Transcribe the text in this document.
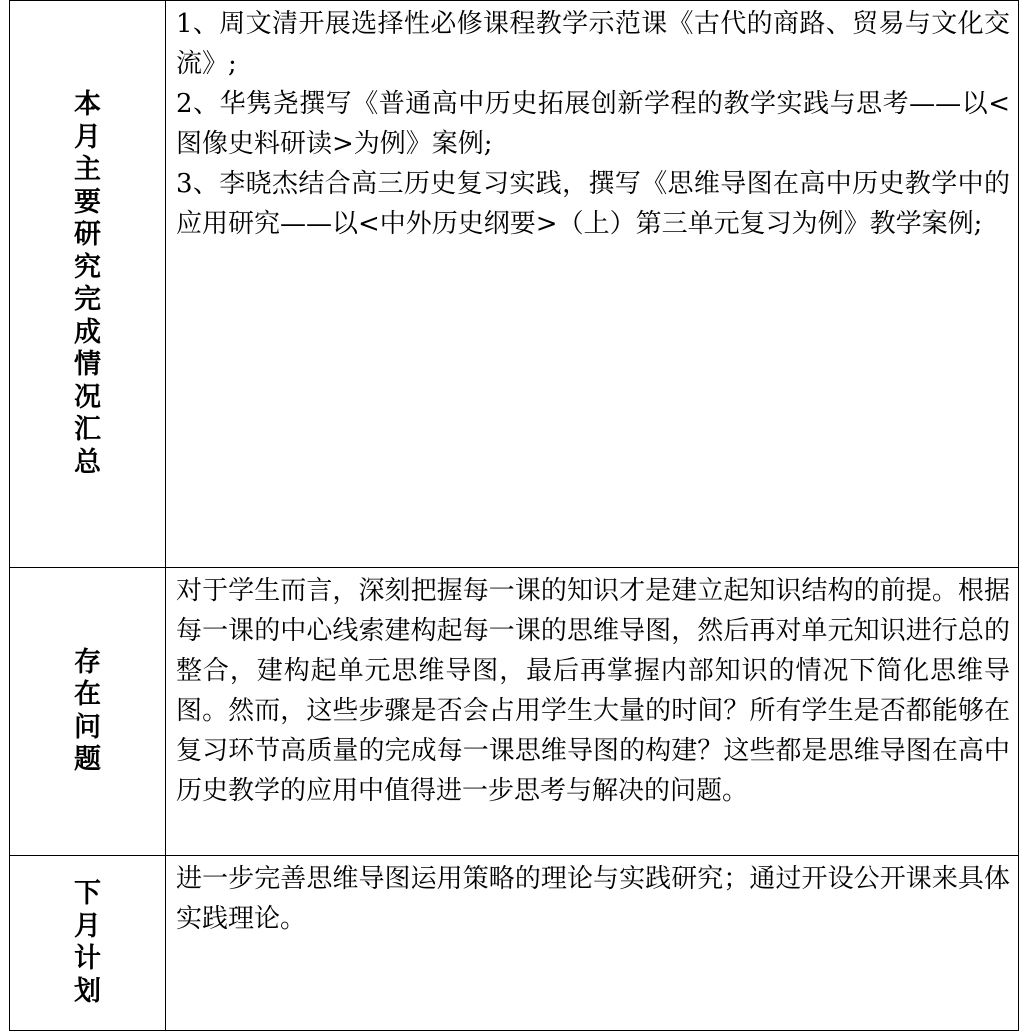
本月主要研究完成情况汇总	1、周文清开展选择性必修课程教学示范课《古代的商路、贸易与文化交流》;

2、华隽尧撰写《普通高中历史拓展创新学程的教学实践与思考——以<图像史料研读>为例》案例;

3、李晓杰结合高三历史复习实践，撰写《思维导图在高中历史教学中的应用研究——以<中外历史纲要>（上）第三单元复习为例》教学案例;

存在问题	对于学生而言，深刻把握每一课的知识才是建立起知识结构的前提。根据每一课的中心线索建构起每一课的思维导图，然后再对单元知识进行总的整合，建构起单元思维导图，最后再掌握内部知识的情况下简化思维导图。然而，这些步骤是否会占用学生大量的时间？所有学生是否都能够在复习环节高质量的完成每一课思维导图的构建？这些都是思维导图在高中历史教学的应用中值得进一步思考与解决的问题。

下月计划	进一步完善思维导图运用策略的理论与实践研究；通过开设公开课来具体实践理论。
